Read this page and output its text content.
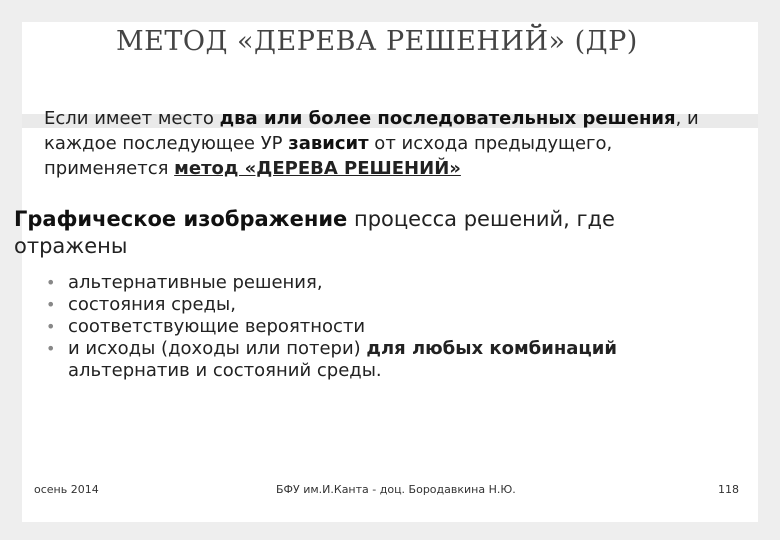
МЕТОД «ДЕРЕВА РЕШЕНИЙ» (ДР)
Если имеет место два или более последовательных решения, и каждое последующее УР зависит от исхода предыдущего, применяется метод «ДЕРЕВА РЕШЕНИЙ»
Графическое изображение процесса решений, где отражены
• альтернативные решения,
• состояния среды,
• соответствующие вероятности
• и исходы (доходы или потери) для любых комбинаций альтернатив и состояний среды.
осень 2014	БФУ им.И.Канта - доц. Бородавкина Н.Ю.	118
